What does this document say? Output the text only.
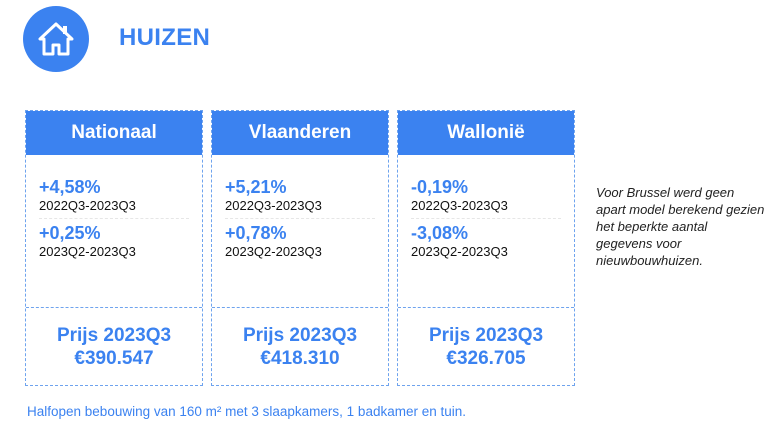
HUIZEN
Nationaal
+4,58%
2022Q3-2023Q3
+0,25%
2023Q2-2023Q3
Prijs 2023Q3
€390.547
Vlaanderen
+5,21%
2022Q3-2023Q3
+0,78%
2023Q2-2023Q3
Prijs 2023Q3
€418.310
Wallonië
-0,19%
2022Q3-2023Q3
-3,08%
2023Q2-2023Q3
Prijs 2023Q3
€326.705
Voor Brussel werd geen apart model berekend gezien het beperkte aantal gegevens voor nieuwbouwhuizen.
Halfopen bebouwing van 160 m² met 3 slaapkamers, 1 badkamer en tuin.
